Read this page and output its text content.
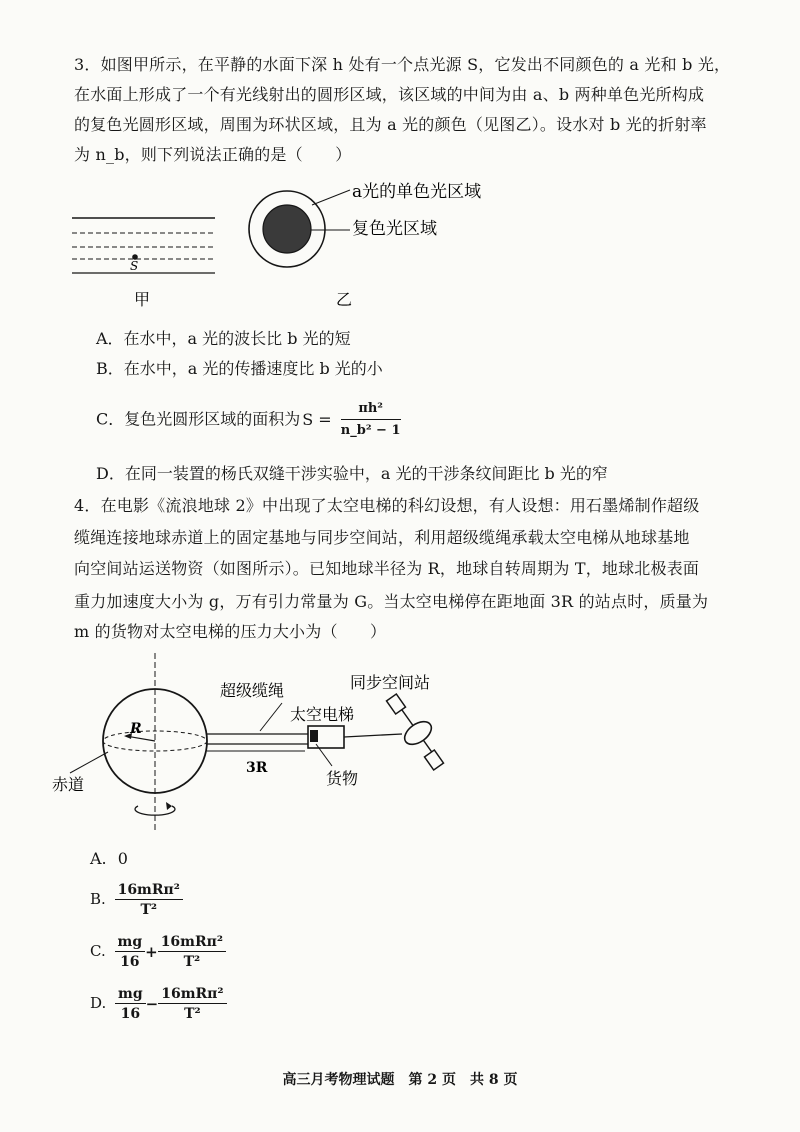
3．如图甲所示，在平静的水面下深 h 处有一个点光源 S，它发出不同颜色的 a 光和 b 光，
在水面上形成了一个有光线射出的圆形区域，该区域的中间为由 a、b 两种单色光所构成
的复色光圆形区域，周围为环状区域，且为 a 光的颜色（见图乙）。设水对 b 光的折射率
为 n_b，则下列说法正确的是（　　）
S
甲
a光的单色光区域
复色光区域
乙
A．在水中，a 光的波长比 b 光的短
B．在水中，a 光的传播速度比 b 光的小
C．复色光圆形区域的面积为 $S = \frac{\text{πh²}}{\text{n\_b² − 1}}$
D．在同一装置的杨氏双缝干涉实验中，a 光的干涉条纹间距比 b 光的窄
4．在电影《流浪地球 2》中出现了太空电梯的科幻设想，有人设想：用石墨烯制作超级
缆绳连接地球赤道上的固定基地与同步空间站，利用超级缆绳承载太空电梯从地球基地
向空间站运送物资（如图所示）。已知地球半径为 R，地球自转周期为 T，地球北极表面
重力加速度大小为 g，万有引力常量为 G。当太空电梯停在距地面 3R 的站点时，质量为
m 的货物对太空电梯的压力大小为（　　）
R
赤道
超级缆绳
3R
太空电梯
货物
同步空间站
A. 0
B. $\frac{\text{16mRπ²}}{\text{T²}}$
C. $\frac{mg}{16} + \frac{\text{16mRπ²}}{\text{T²}}$
D. $\frac{mg}{16} - \frac{\text{16mRπ²}}{\text{T²}}$
高三月考物理试题　第 2 页　共 8 页
